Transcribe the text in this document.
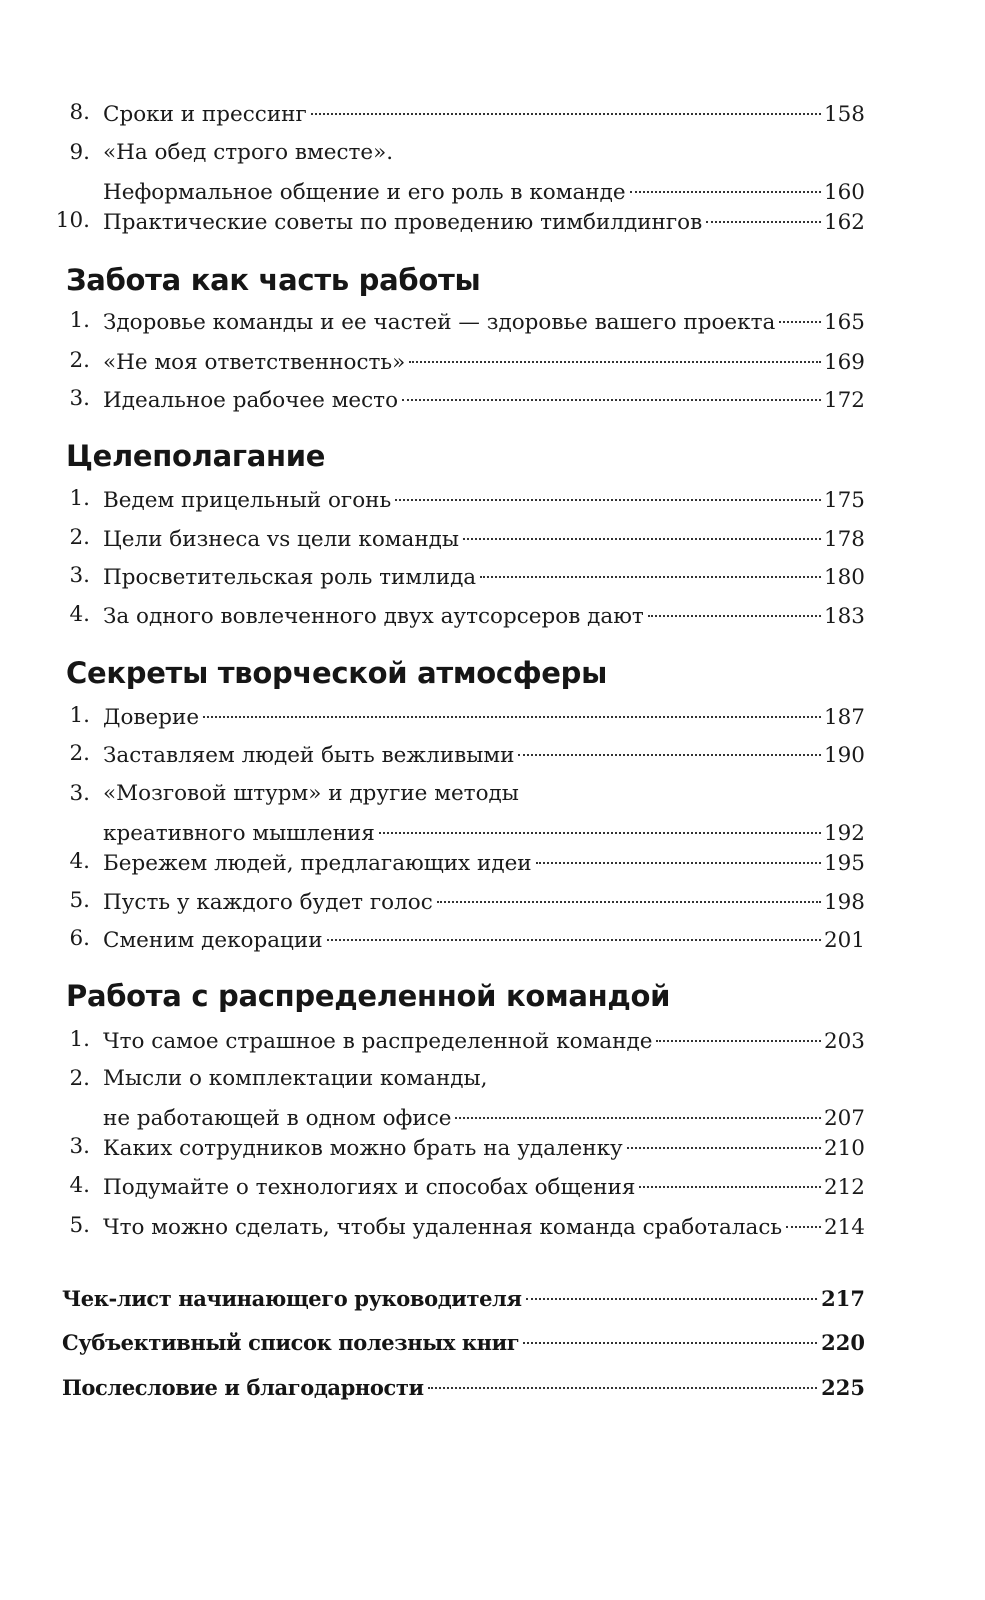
8. Сроки и прессинг	158
9. «На обед строго вместе».
Неформальное общение и его роль в команде	160
10. Практические советы по проведению тимбилдингов	162
Забота как часть работы
1. Здоровье команды и ее частей — здоровье вашего проекта 165
2. «Не моя ответственность»	169
3. Идеальное рабочее место	172
Целеполагание
1. Ведем прицельный огонь	175
2. Цели бизнеса vs цели команды	178
3. Просветительская роль тимлида	180
4. За одного вовлеченного двух аутсорсеров дают	183
Секреты творческой атмосферы
1. Доверие	187
2. Заставляем людей быть вежливыми	190
3. «Мозговой штурм» и другие методы
креативного мышления	192
4. Бережем людей, предлагающих идеи	195
5. Пусть у каждого будет голос	198
6. Сменим декорации	201
Работа с распределенной командой
1. Что самое страшное в распределенной команде	203
2. Мысли о комплектации команды,
не работающей в одном офисе	207
3. Каких сотрудников можно брать на удаленку	210
4. Подумайте о технологиях и способах общения	212
5. Что можно сделать, чтобы удаленная команда сработалась 214
Чек-лист начинающего руководителя	217
Субъективный список полезных книг	220
Послесловие и благодарности	225
